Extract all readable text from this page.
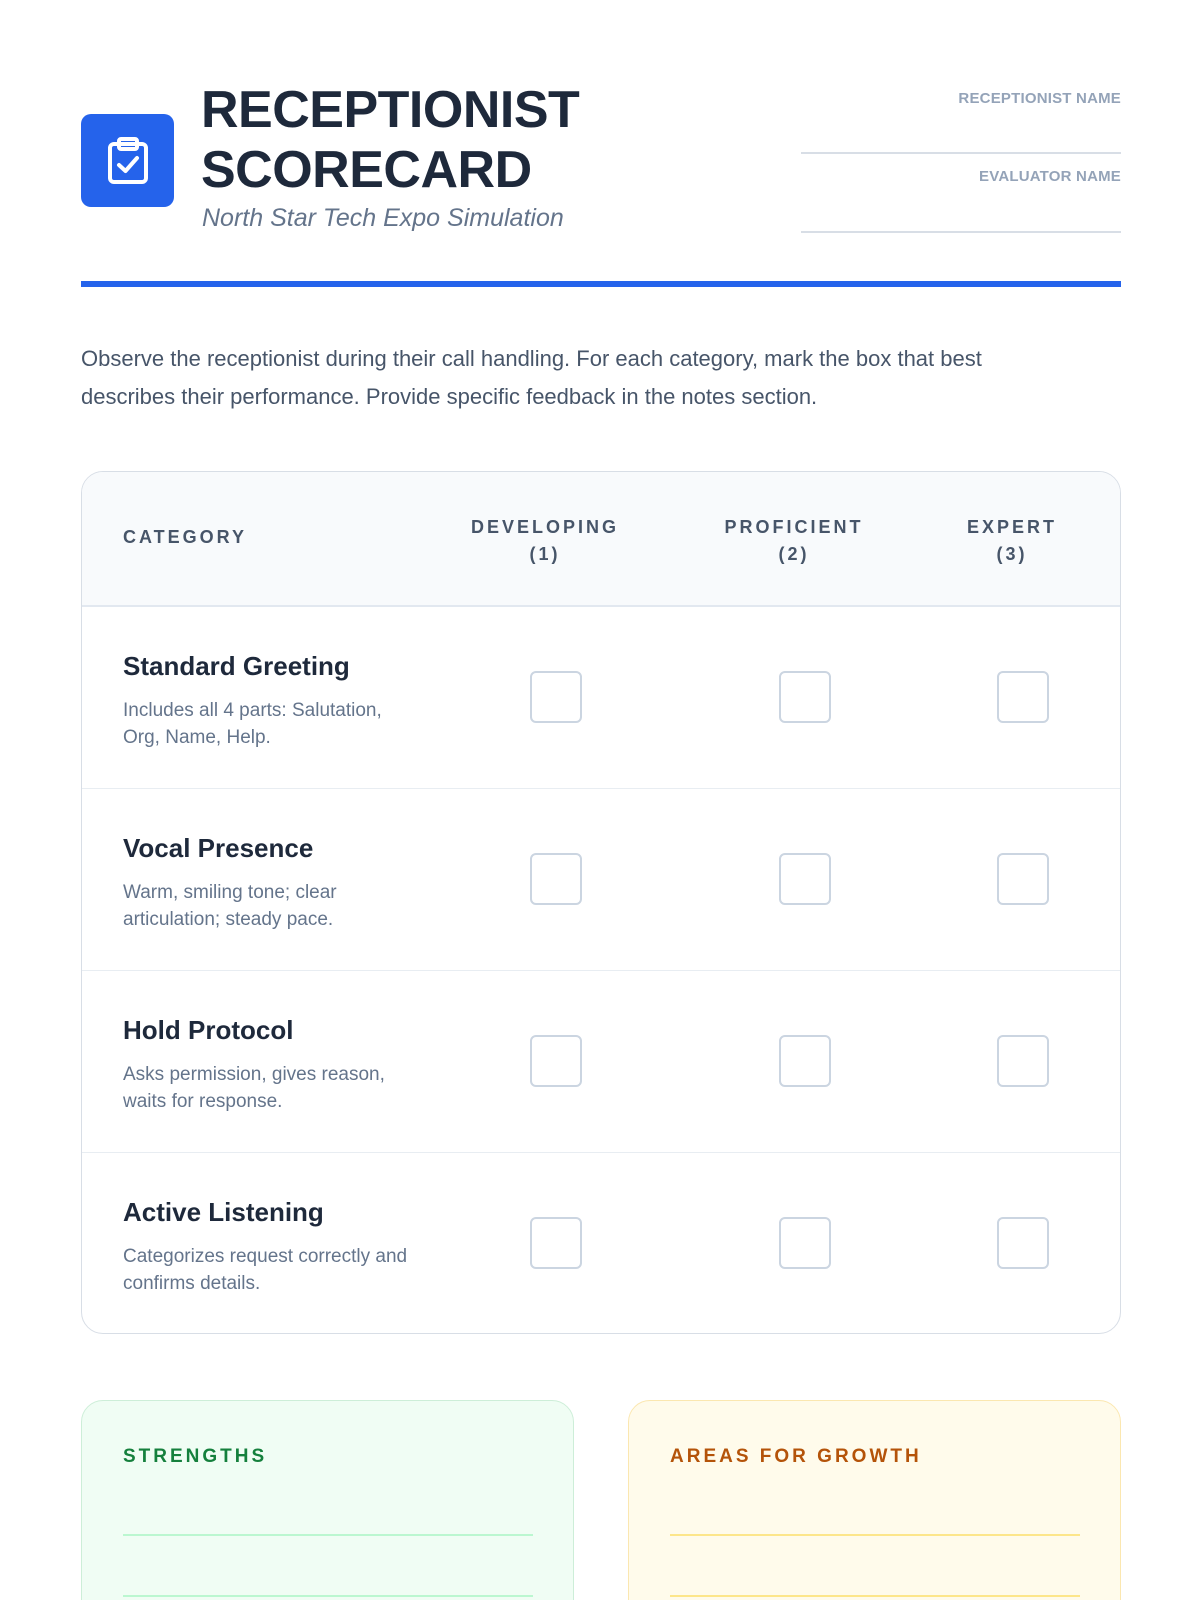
RECEPTIONIST SCORECARD
North Star Tech Expo Simulation
RECEPTIONIST NAME
EVALUATOR NAME

Observe the receptionist during their call handling. For each category, mark the box that best describes their performance. Provide specific feedback in the notes section.

CATEGORY	DEVELOPING
(1)
PROFICIENT
(2)
EXPERT
(3)
Standard Greeting
Includes all 4 parts: Salutation, Org, Name, Help.
Vocal Presence
Warm, smiling tone; clear articulation; steady pace.
Hold Protocol
Asks permission, gives reason, waits for response.
Active Listening
Categorizes request correctly and confirms details.
STRENGTHS	AREAS FOR GROWTH
